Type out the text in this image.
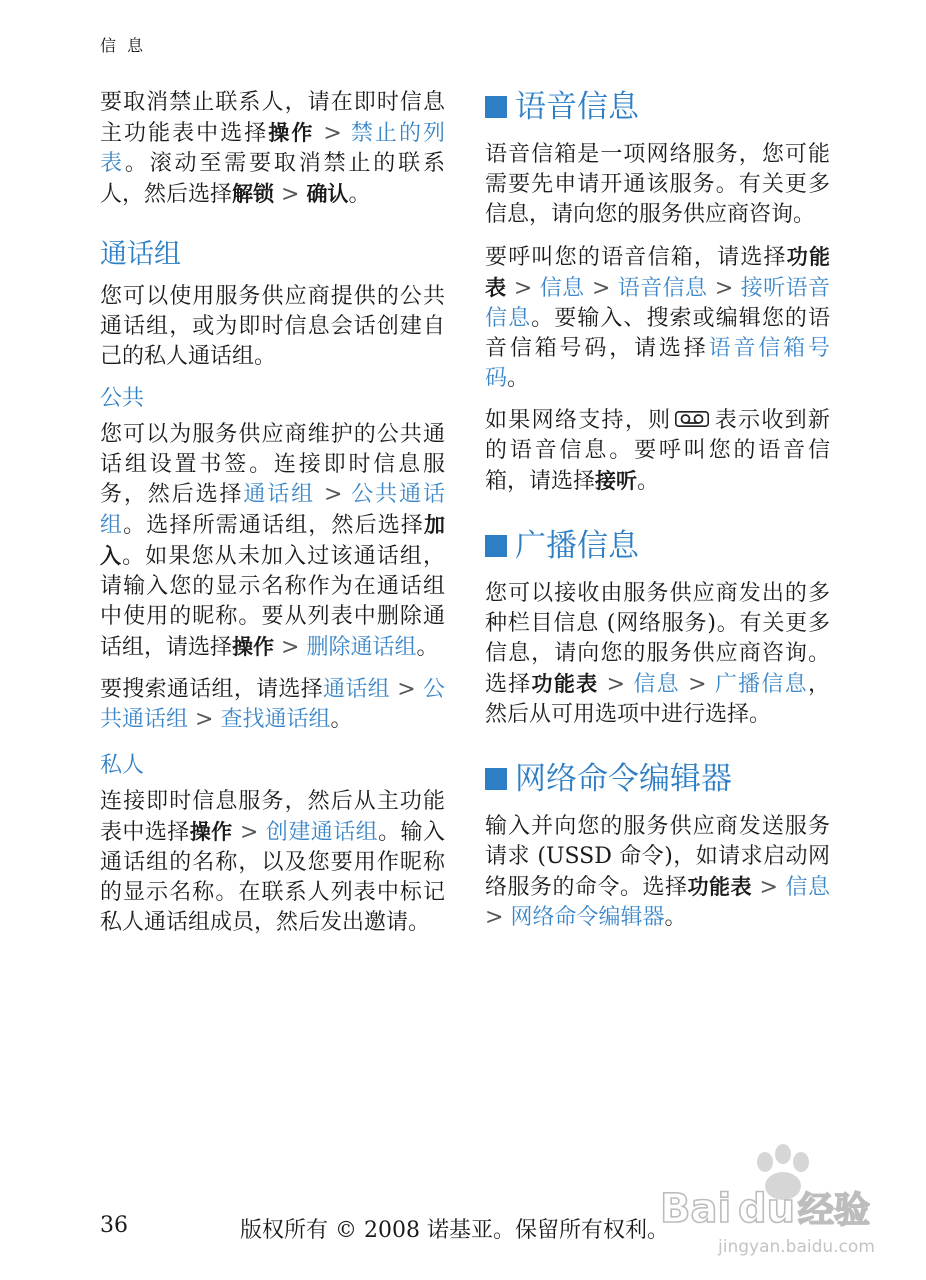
信 息

要取消禁止联系人，请在即时信息主功能表中选择操作 > 禁止的列表。滚动至需要取消禁止的联系人，然后选择解锁 > 确认。

通话组

您可以使用服务供应商提供的公共通话组，或为即时信息会话创建自己的私人通话组。

公共

您可以为服务供应商维护的公共通话组设置书签。连接即时信息服务，然后选择通话组 > 公共通话组。选择所需通话组，然后选择加入。如果您从未加入过该通话组，请输入您的显示名称作为在通话组中使用的昵称。要从列表中删除通话组，请选择操作 > 删除通话组。

要搜索通话组，请选择通话组 > 公共通话组 > 查找通话组。

私人

连接即时信息服务，然后从主功能表中选择操作 > 创建通话组。输入通话组的名称，以及您要用作昵称的显示名称。在联系人列表中标记私人通话组成员，然后发出邀请。

语音信息

语音信箱是一项网络服务，您可能需要先申请开通该服务。有关更多信息，请向您的服务供应商咨询。

要呼叫您的语音信箱，请选择功能表 > 信息 > 语音信息 > 接听语音信息。要输入、搜索或编辑您的语音信箱号码，请选择语音信箱号码。

如果网络支持，则 表示收到新的语音信息。要呼叫您的语音信箱，请选择接听。

广播信息

您可以接收由服务供应商发出的多种栏目信息 (网络服务)。有关更多信息，请向您的服务供应商咨询。选择功能表 > 信息 > 广播信息，然后从可用选项中进行选择。

网络命令编辑器

输入并向您的服务供应商发送服务请求 (USSD 命令)，如请求启动网络服务的命令。选择功能表 > 信息 > 网络命令编辑器。

36	版权所有 © 2008 诺基亚。保留所有权利。
Bai du 经验
jingyan.baidu.com
